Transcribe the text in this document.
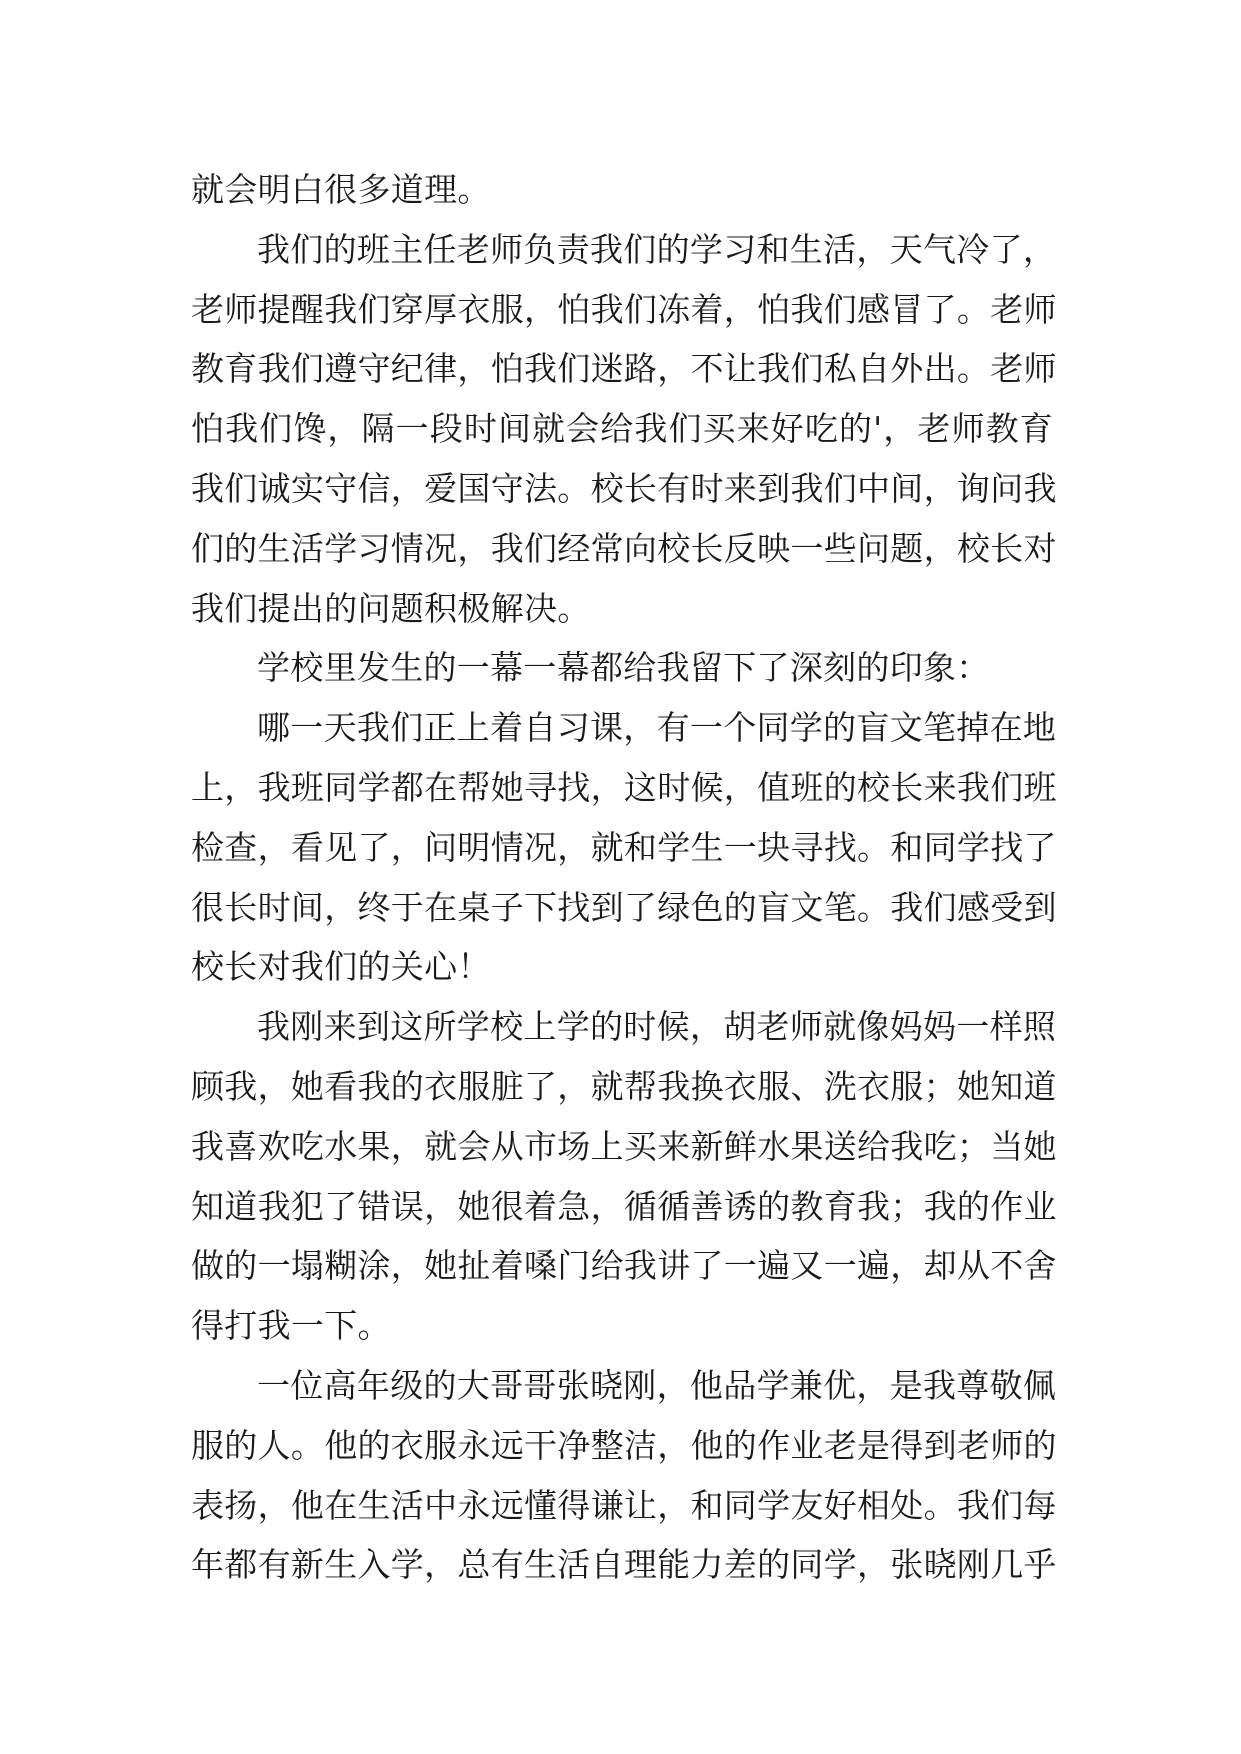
就会明白很多道理。
我们的班主任老师负责我们的学习和生活，天气冷了，
老师提醒我们穿厚衣服，怕我们冻着，怕我们感冒了。老师
教育我们遵守纪律，怕我们迷路，不让我们私自外出。老师
怕我们馋，隔一段时间就会给我们买来好吃的'，老师教育
我们诚实守信，爱国守法。校长有时来到我们中间，询问我
们的生活学习情况，我们经常向校长反映一些问题，校长对
我们提出的问题积极解决。
学校里发生的一幕一幕都给我留下了深刻的印象：
哪一天我们正上着自习课，有一个同学的盲文笔掉在地
上，我班同学都在帮她寻找，这时候，值班的校长来我们班
检查，看见了，问明情况，就和学生一块寻找。和同学找了
很长时间，终于在桌子下找到了绿色的盲文笔。我们感受到
校长对我们的关心！
我刚来到这所学校上学的时候，胡老师就像妈妈一样照
顾我，她看我的衣服脏了，就帮我换衣服、洗衣服；她知道
我喜欢吃水果，就会从市场上买来新鲜水果送给我吃；当她
知道我犯了错误，她很着急，循循善诱的教育我；我的作业
做的一塌糊涂，她扯着嗓门给我讲了一遍又一遍，却从不舍
得打我一下。
一位高年级的大哥哥张晓刚，他品学兼优，是我尊敬佩
服的人。他的衣服永远干净整洁，他的作业老是得到老师的
表扬，他在生活中永远懂得谦让，和同学友好相处。我们每
年都有新生入学，总有生活自理能力差的同学，张晓刚几乎
